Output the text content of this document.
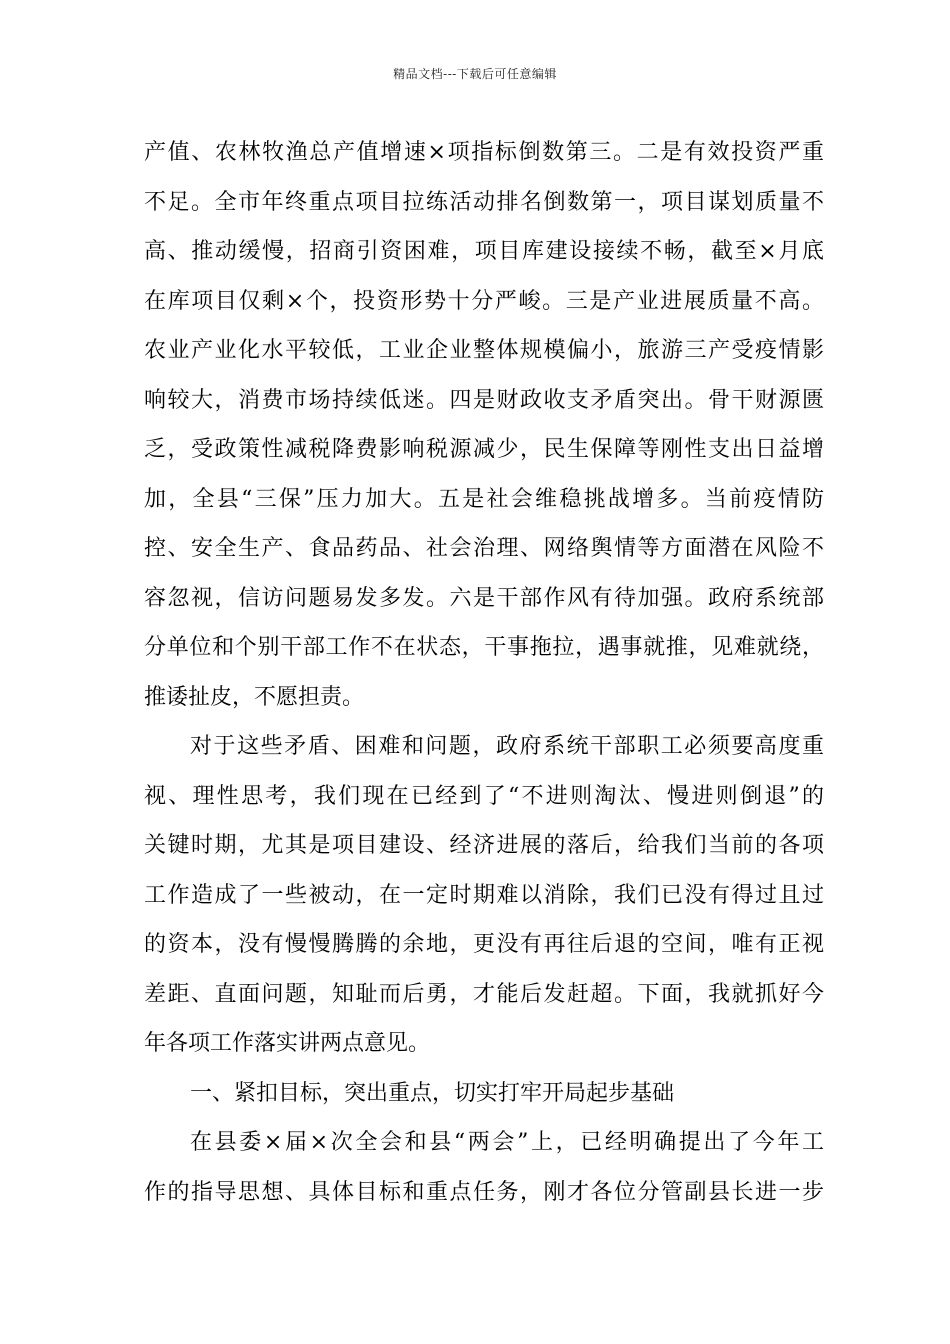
精品文档---下载后可任意编辑
产值、农林牧渔总产值增速×项指标倒数第三。二是有效投资严重
不足。全市年终重点项目拉练活动排名倒数第一，项目谋划质量不
高、推动缓慢，招商引资困难，项目库建设接续不畅，截至×月底
在库项目仅剩×个，投资形势十分严峻。三是产业进展质量不高。
农业产业化水平较低，工业企业整体规模偏小，旅游三产受疫情影
响较大，消费市场持续低迷。四是财政收支矛盾突出。骨干财源匮
乏，受政策性减税降费影响税源减少，民生保障等刚性支出日益增
加，全县“三保”压力加大。五是社会维稳挑战增多。当前疫情防
控、安全生产、食品药品、社会治理、网络舆情等方面潜在风险不
容忽视，信访问题易发多发。六是干部作风有待加强。政府系统部
分单位和个别干部工作不在状态，干事拖拉，遇事就推，见难就绕，
推诿扯皮，不愿担责。
对于这些矛盾、困难和问题，政府系统干部职工必须要高度重
视、理性思考，我们现在已经到了“不进则淘汰、慢进则倒退”的
关键时期，尤其是项目建设、经济进展的落后，给我们当前的各项
工作造成了一些被动，在一定时期难以消除，我们已没有得过且过
的资本，没有慢慢腾腾的余地，更没有再往后退的空间，唯有正视
差距、直面问题，知耻而后勇，才能后发赶超。下面，我就抓好今
年各项工作落实讲两点意见。
一、紧扣目标，突出重点，切实打牢开局起步基础
在县委×届×次全会和县“两会”上，已经明确提出了今年工
作的指导思想、具体目标和重点任务，刚才各位分管副县长进一步
